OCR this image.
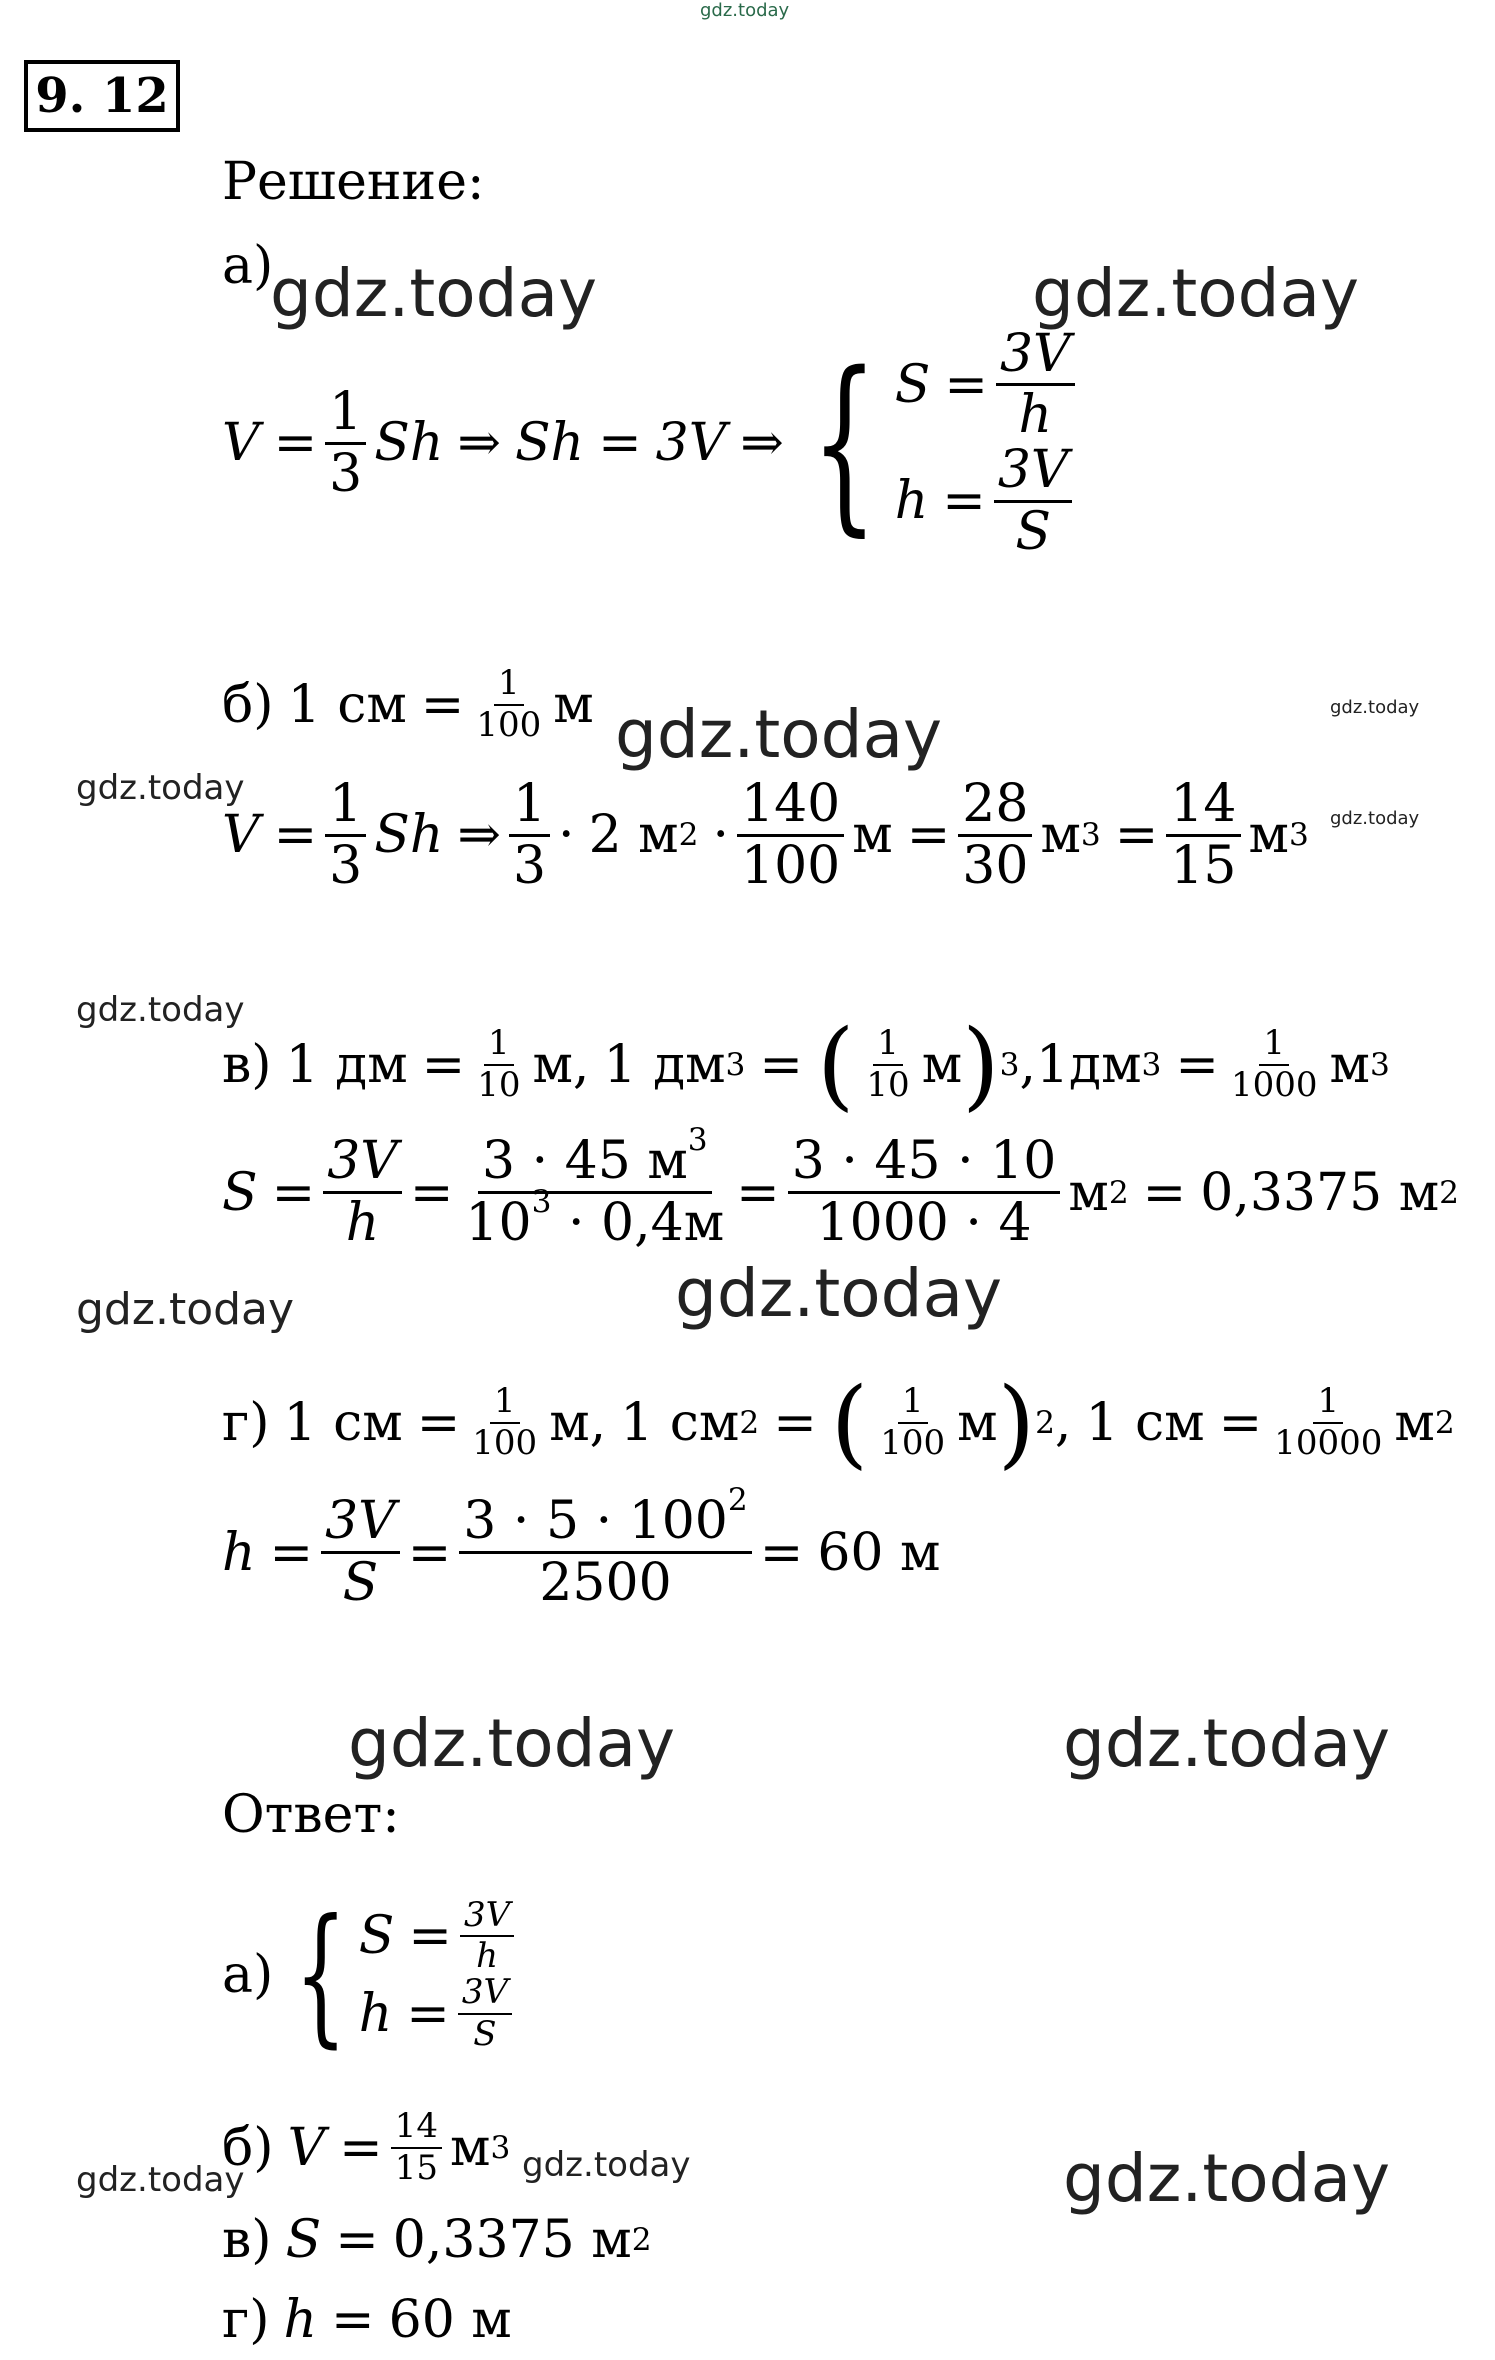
gdz.today
gdz.today	gdz.today
gdz.today	gdz.today
gdz.today
gdz.today
gdz.today
gdz.today
gdz.today
gdz.today	gdz.today
gdz.today
gdz.today	gdz.today
9. 12
Решение:
а)
$V = \frac{1}{3}$ Sh ⇒ Sh = 3V ⇒ { $S = \frac{3V}{h}$
$h = \frac{3V}{S}$
б) 1 см = $\frac{1}{100}$ м
$V = \frac{1}{3}$ Sh ⇒ $\frac{1}{3} \cdot 2$ м $2 \cdot \frac{140}{100}$ $м = \frac{28}{30}$ м $3 = \frac{14}{15}$ м 3
в) 1 дм = $\frac{1}{10} м$, 1 дм 3 = ( $\frac{1}{10}$ м ) 3 , 1дм $3 = \frac{1}{1000}$ м 3
$S = \frac{3V}{h} = \frac{3 \cdot 45 м^3}{10^3 \cdot 0,4м} = \frac{3 \cdot 45 \cdot 10}{1000 \cdot 4}$ м 2 = 0,3375 м 2
г) 1 см = $\frac{1}{100} м$, 1 см 2 = ( $\frac{1}{100}$ м ) 2 , 1 см = $\frac{1}{10000}$ м 2
$h = \frac{3V}{S} = \frac{3 \cdot 5 \cdot 100^2}{2500} = 60$ м
Ответ:
а) { $S = \frac{3V}{h}$
$h = \frac{3V}{S}$
б) $V = \frac{14}{15}$ м 3
в) S = 0,3375 м 2
г) h = 60 м
